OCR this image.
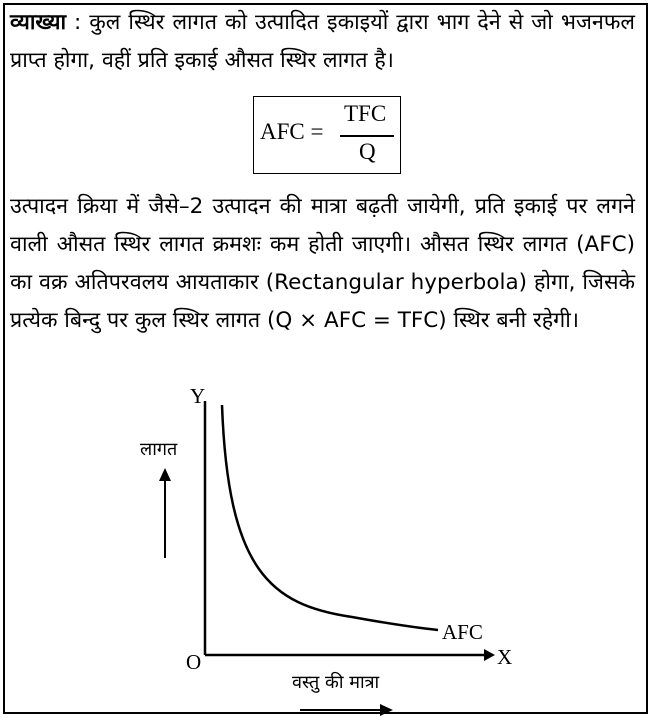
व्याख्या : कुल स्थिर लागत को उत्पादित इकाइयों द्वारा भाग देने से जो भजनफल प्राप्त होगा, वहीं प्रति इकाई औसत स्थिर लागत है।
AFC =
TFC
Q
उत्पादन क्रिया में जैसे–2 उत्पादन की मात्रा बढ़ती जायेगी, प्रति इकाई पर लगने वाली औसत स्थिर लागत क्रमशः कम होती जाएगी। औसत स्थिर लागत (AFC) का वक्र अतिपरवलय आयताकार (Rectangular hyperbola) होगा, जिसके प्रत्येक बिन्दु पर कुल स्थिर लागत (Q × AFC = TFC) स्थिर बनी रहेगी।
Y
X
O
AFC
लागत
वस्तु की मात्रा
